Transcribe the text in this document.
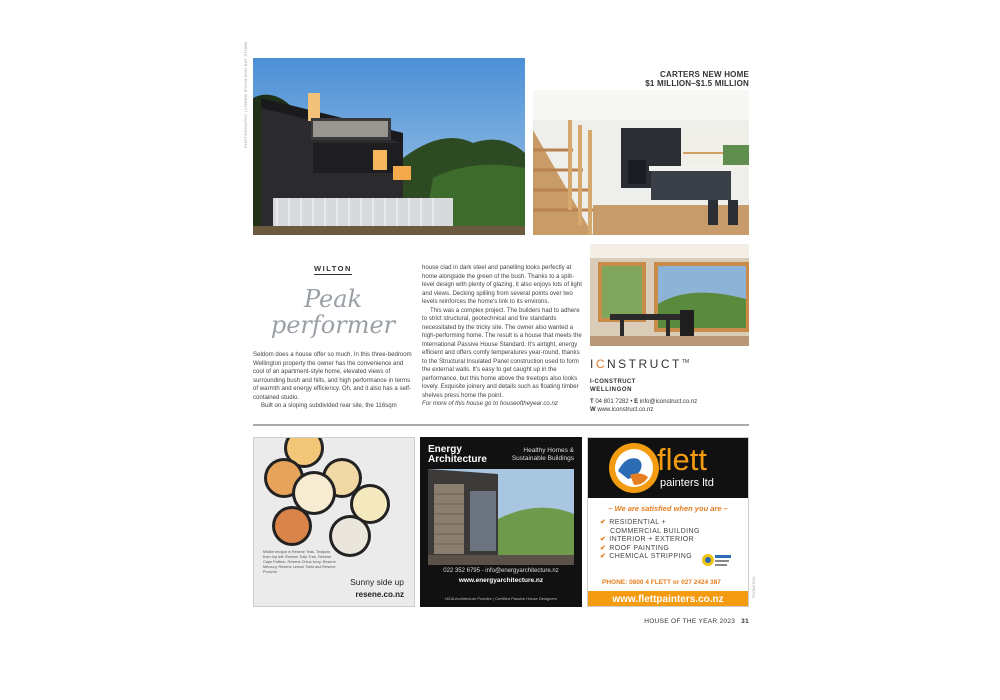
PHOTOGRAPHY | LOREM IPSUM AND KAT STUBB	CARTERS NEW HOME
$1 MILLION–$1.5 MILLION
WILTON
Peak
performer

Seldom does a house offer so much. In this three-bedroom Wellington property the owner has the convenience and cool of an apartment-style home, elevated views of surrounding bush and hills, and high performance in terms of warmth and energy efficiency. Oh, and it also has a self-contained studio.

Built on a sloping subdivided rear site, the 116sqm

house clad in dark steel and panelling looks perfectly at home alongside the green of the bush. Thanks to a split-level design with plenty of glazing, it also enjoys lots of light and views. Decking spilling from several points over two levels reinforces the home's link to its environs.

This was a complex project. The builders had to adhere to strict structural, geotechnical and fire standards necessitated by the tricky site. The owner also wanted a high-performing home. The result is a house that meets the International Passive House Standard. It's airtight, energy efficient and offers comfy temperatures year-round, thanks to the Structural Insulated Panel construction used to form the external walls. It's easy to get caught up in the performance, but this home above the treetops also looks lovely. Exquisite joinery and details such as floating timber shelves press home the point.

For more of this house go to houseoftheyear.co.nz

ICNSTRUCT™
I-CONSTRUCT
WELLINGON
T 04 801 7282 • E info@iconstruct.co.nz
W www.iconstruct.co.nz
Middle bedpot in Resene Teak. Testpots from top left: Resene Tulip Tree, Resene Cape Palliser, Resene China Ivory, Resene Mercury, Resene Lemon Twist and Resene Porsche.
Sunny side up
resene.co.nz
Energy
Architecture
Healthy Homes &
Sustainable Buildings
022 352 6795 - info@energyarchitecture.nz
www.energyarchitecture.nz
NZIA Architecture Practice | Certified Passive House Designers
flett
painters ltd
– We are satisfied when you are –
✔ RESIDENTIAL +
COMMERCIAL BUILDING
✔ INTERIOR + EXTERIOR
✔ ROOF PAINTING
✔ CHEMICAL STRIPPING
PHONE: 0800 4 FLETT or 027 2424 387
www.flettpainters.co.nz
PROMOTION
HOUSE OF THE YEAR 2023 31
